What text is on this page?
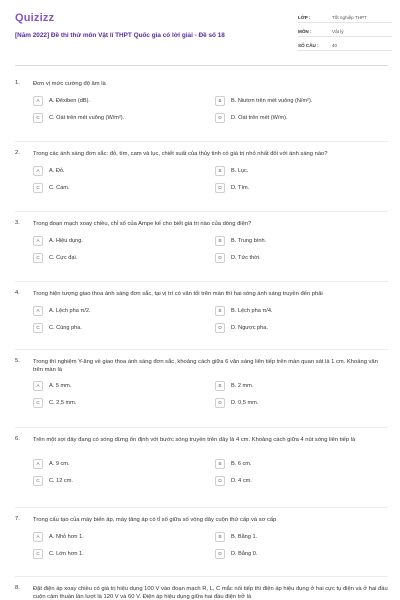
Quizizz
[Năm 2022] Đề thi thử môn Vật lí THPT Quốc gia có lời giải - Đề số 18
LỚP :	Tốt nghiệp THPT
MÔN :	Vật lý
SỐ CÂU :	40
1. Đơn vị mức cường độ âm là
A	A. Đêxiben (dB).	B	B. Niutơn trên mét vuông (N/m²).
C	C. Oát trên mét vuông (W/m²).	D	D. Oát trên mét (W/m).
2. Trong các ánh sáng đơn sắc: đỏ, tím, cam và lục, chiết suất của thủy tinh có giá trị nhỏ nhất đối với ánh sáng nào?
A	A. Đỏ.	B	B. Lục.
C	C. Cam.	D	D. Tím.
3. Trong đoạn mạch xoay chiều, chỉ số của Ampe kế cho biết giá trị nào của dòng điện?
A	A. Hiệu dụng.	B	B. Trung bình.
C	C. Cực đại.	D	D. Tức thời.
4. Trong hiện tượng giao thoa ánh sáng đơn sắc, tại vị trí có vân tối trên màn thì hai sóng ánh sáng truyền đến phải
A	A. Lệch pha π/2.	B	B. Lệch pha π/4.
C	C. Cùng pha.	D	D. Ngược pha.
5. Trong thí nghiệm Y-âng về giao thoa ánh sáng đơn sắc, khoảng cách giữa 6 vân sáng liên tiếp trên màn quan sát là 1 cm. Khoảng vân trên màn là
A	A. 5 mm.	B	B. 2 mm.
C	C. 2,5 mm.	D	D. 0,5 mm.
6. Trên một sợi dây đang có sóng dừng ổn định với bước sóng truyền trên dây là 4 cm. Khoảng cách giữa 4 nút sóng liên tiếp là
A	A. 9 cm.	B	B. 6 cm.
C	C. 12 cm.	D	D. 4 cm.
7. Trong cấu tạo của máy biến áp, máy tăng áp có tỉ số giữa số vòng dây cuộn thứ cấp và sơ cấp
A	A. Nhỏ hơn 1.	B	B. Bằng 1.
C	C. Lớn hơn 1.	D	D. Bằng 0.
8. Đặt điện áp xoay chiều có giá trị hiệu dụng 100 V vào đoạn mạch R, L, C mắc nối tiếp thì điện áp hiệu dụng ở hai cực tụ điện và ở hai đầu cuộn cảm thuần lần lượt là 120 V và 60 V. Điện áp hiệu dụng giữa hai đầu điện trở là
